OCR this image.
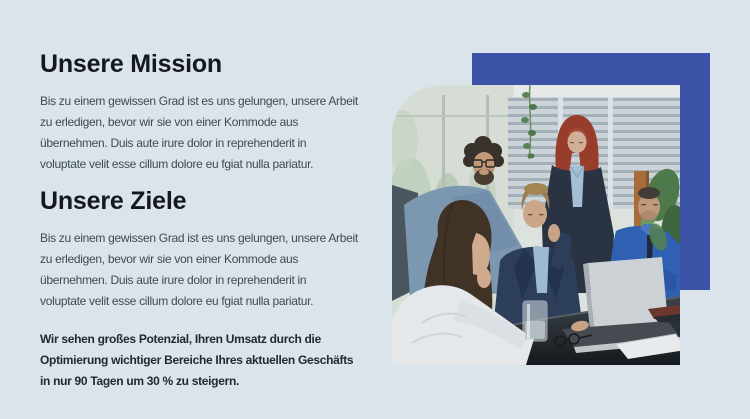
Unsere Mission

Bis zu einem gewissen Grad ist es uns gelungen, unsere Arbeit
zu erledigen, bevor wir sie von einer Kommode aus
übernehmen. Duis aute irure dolor in reprehenderit in
voluptate velit esse cillum dolore eu fgiat nulla pariatur.

Unsere Ziele

Bis zu einem gewissen Grad ist es uns gelungen, unsere Arbeit
zu erledigen, bevor wir sie von einer Kommode aus
übernehmen. Duis aute irure dolor in reprehenderit in
voluptate velit esse cillum dolore eu fgiat nulla pariatur.

Wir sehen großes Potenzial, Ihren Umsatz durch die
Optimierung wichtiger Bereiche Ihres aktuellen Geschäfts
in nur 90 Tagen um 30 % zu steigern.
